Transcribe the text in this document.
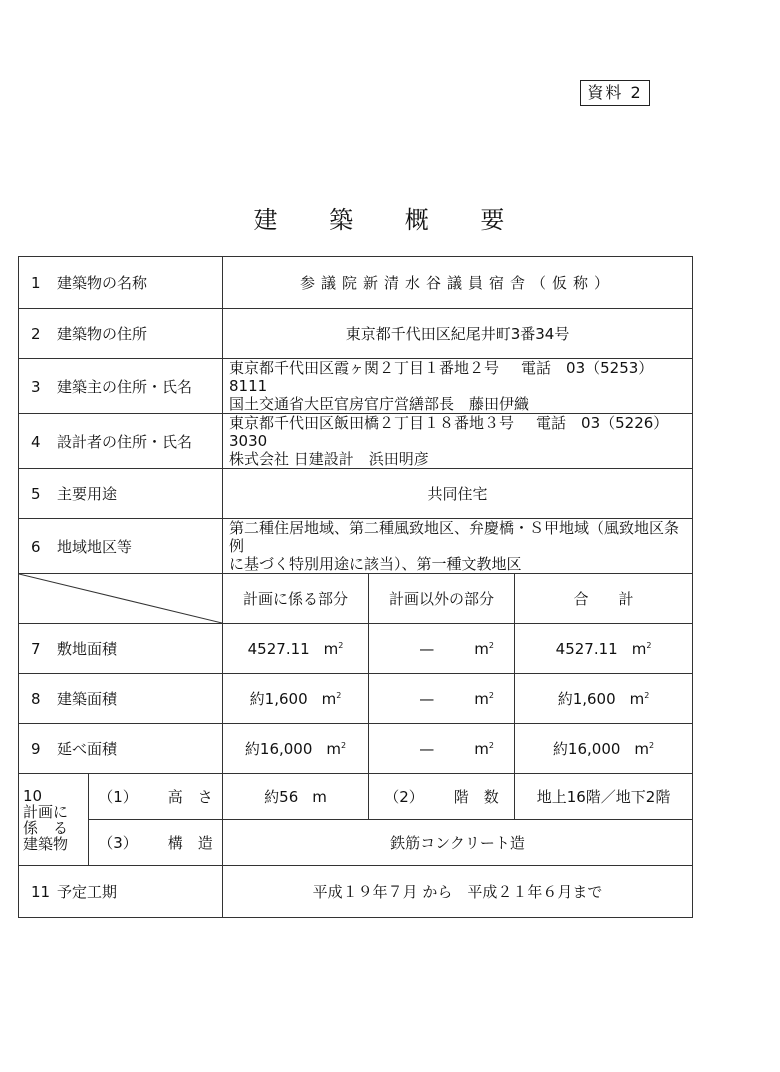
資料 2
建 築 概 要
1 建築物の名称		参議院新清水谷議員宿舎（仮称）		
2 建築物の住所		東京都千代田区紀尾井町3番34号		
3 建築主の住所・氏名		東京都千代田区霞ヶ関２丁目１番地２号 電話　03（5253）8111
国土交通省大臣官房官庁営繕部長　藤田伊織		
4 設計者の住所・氏名		東京都千代田区飯田橋２丁目１８番地３号 電話　03（5226）3030
株式会社 日建設計　浜田明彦		
5 主要用途		共同住宅		
6 地域地区等		第二種住居地域、第二種風致地区、弁慶橋・Ｓ甲地域（風致地区条例
に基づく特別用途に該当）、第一種文教地区		

	計画に係る部分	計画以外の部分	合　　計
7 敷地面積		4527.11 $m^2$	— $m^2$	4527.11 $m^2$
8 建築面積		約1,600 $m^2$	— $m^2$	約1,600 $m^2$
9 延べ面積		約16,000 $m^2$	— $m^2$	約16,000 $m^2$
10
計画に
係　る
建築物	（1） 高　さ	約56 m	（2） 階　数	地上16階／地下2階
	（3） 構　造	鉄筋コンクリート造		
11 予定工期		平成１９年７月 から　平成２１年６月まで		
